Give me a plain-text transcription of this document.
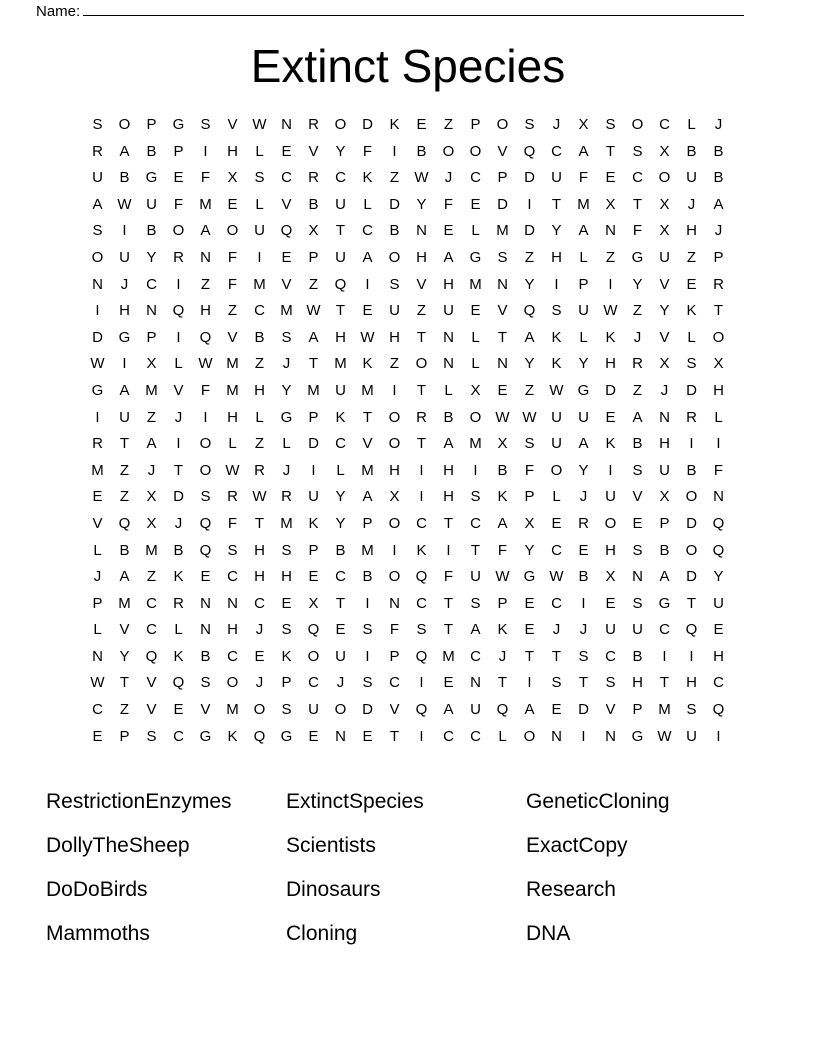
Name:
Extinct Species
S	O	P	G	S	V W N	R	O	D	K	E	Z	P	O	S	J	X	S	O	C	L	J
R	A	B	P	I	H	L	E	V	Y	F	I	B	O	O	V	Q	C	A	T	S	X	B	B
U	B	G	E	F	X	S	C	R	C	K	Z	W	J	C	P	D	U	F	E	C	O	U	B
A W U	F	M	E	L	V	B	U	L	D	Y	F	E	D	I	T	M	X	T	X	J	A
S	I	B	O	A	O	U	Q	X	T	C	B	N	E	L	M	D	Y	A	N	F	X	H	J
O	U	Y	R	N	F	I	E	P	U	A	O	H	A	G	S	Z	H	L	Z	G	U	Z	P
N	J	C	I	Z	F	M	V	Z	Q	I	S	V	H	M	N	Y	I	P	I	Y	V	E	R
I	H	N	Q	H	Z	C	M W	T	E	U	Z	U	E	V	Q	S	U W	Z	Y	K	T
D	G	P	I	Q	V	B	S	A	H W H	T	N	L	T	A	K	L	K	J	V	L	O
W	I	X	L	W M	Z	J	T	M	K	Z	O	N	L	N	Y	K	Y	H	R	X	S	X
G	A	M	V	F	M	H	Y	M	U	M	I	T	L	X	E	Z	W G	D	Z	J	D	H
I	U	Z	J	I	H	L	G	P	K	T	O	R	B	O W W U	U	E	A	N	R	L
R	T	A	I	O	L	Z	L	D	C	V	O	T	A	M	X	S	U	A	K	B	H	I	I
M	Z	J	T	O W R	J	I	L	M	H	I	H	I	B	F	O	Y	I	S	U	B	F
E	Z	X	D	S	R W R	U	Y	A	X	I	H	S	K	P	L	J	U	V	X	O	N
V	Q	X	J	Q	F	T	M	K	Y	P	O	C	T	C	A	X	E	R	O	E	P	D	Q
L	B	M	B	Q	S	H	S	P	B	M	I	K	I	T	F	Y	C	E	H	S	B	O	Q
J	A	Z	K	E	C	H	H	E	C	B	O	Q	F	U W G W B	X	N	A	D	Y
P	M	C	R	N	N	C	E	X	T	I	N	C	T	S	P	E	C	I	E	S	G	T	U
L	V	C	L	N	H	J	S	Q	E	S	F	S	T	A	K	E	J	J	U	U	C	Q	E
N	Y	Q	K	B	C	E	K	O	U	I	P	Q M	C	J	T	T	S	C	B	I	I	H
W	T	V	Q	S	O	J	P	C	J	S	C	I	E	N	T	I	S	T	S	H	T	H	C
C	Z	V	E	V	M O	S	U	O	D	V	Q	A	U	Q	A	E	D	V	P	M	S	Q
E	P	S	C	G	K	Q	G	E	N	E	T	I	C	C	L	O	N	I	N	G W U	I
RestrictionEnzymes	ExtinctSpecies	GeneticCloning
DollyTheSheep	Scientists	ExactCopy
DoDoBirds	Dinosaurs	Research
Mammoths	Cloning	DNA
